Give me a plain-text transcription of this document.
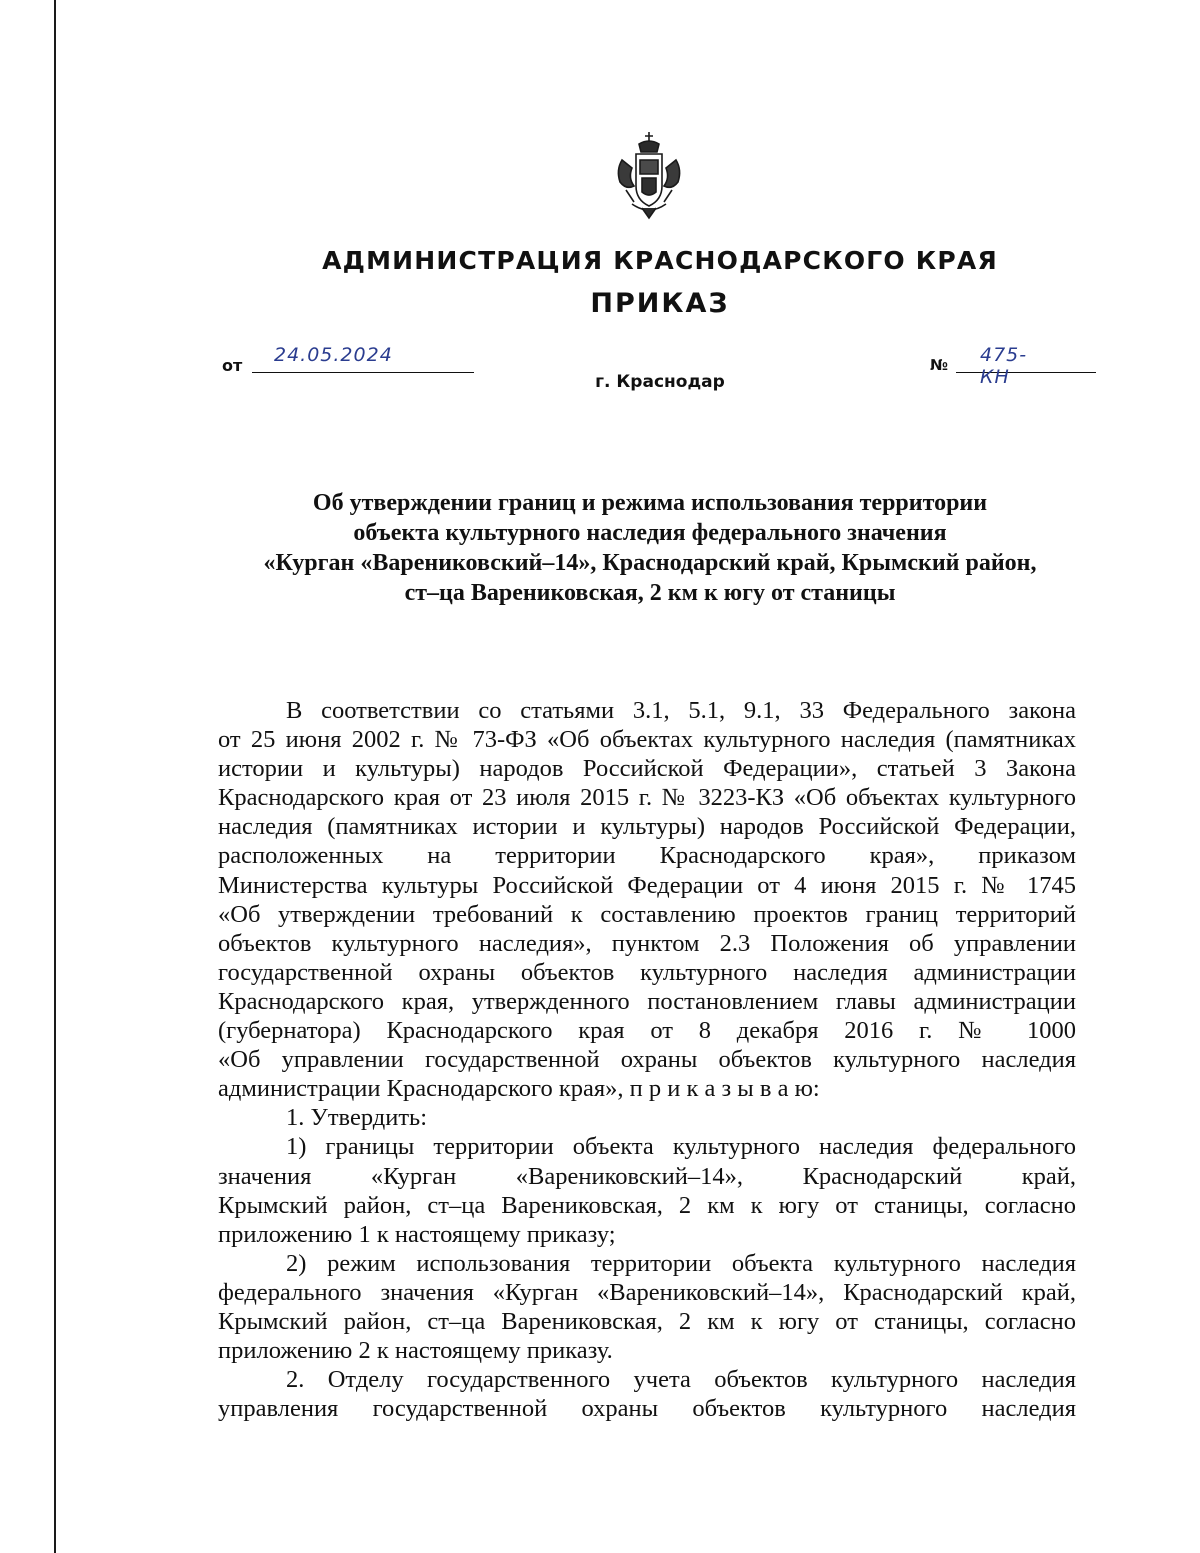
АДМИНИСТРАЦИЯ КРАСНОДАРСКОГО КРАЯ
ПРИКАЗ
от 24.05.2024	№ 475-КН
г. Краснодар
Об утверждении границ и режима использования территории
объекта культурного наследия федерального значения
«Курган «Варениковский–14», Краснодарский край, Крымский район,
ст–ца Варениковская, 2 км к югу от станицы
В соответствии со статьями 3.1, 5.1, 9.1, 33 Федерального закона
от 25 июня 2002 г. № 73-ФЗ «Об объектах культурного наследия (памятниках
истории и культуры) народов Российской Федерации», статьей 3 Закона
Краснодарского края от 23 июля 2015 г. № 3223-КЗ «Об объектах культурного
наследия (памятниках истории и культуры) народов Российской Федерации,
расположенных на территории Краснодарского края», приказом
Министерства культуры Российской Федерации от 4 июня 2015 г. № 1745
«Об утверждении требований к составлению проектов границ территорий
объектов культурного наследия», пунктом 2.3 Положения об управлении
государственной охраны объектов культурного наследия администрации
Краснодарского края, утвержденного постановлением главы администрации
(губернатора) Краснодарского края от 8 декабря 2016 г. № 1000
«Об управлении государственной охраны объектов культурного наследия
администрации Краснодарского края», п р и к а з ы в а ю:
1. Утвердить:
1) границы территории объекта культурного наследия федерального
значения «Курган «Варениковский–14», Краснодарский край,
Крымский район, ст–ца Варениковская, 2 км к югу от станицы, согласно
приложению 1 к настоящему приказу;
2) режим использования территории объекта культурного наследия
федерального значения «Курган «Варениковский–14», Краснодарский край,
Крымский район, ст–ца Варениковская, 2 км к югу от станицы, согласно
приложению 2 к настоящему приказу.
2. Отделу государственного учета объектов культурного наследия
управления государственной охраны объектов культурного наследия
